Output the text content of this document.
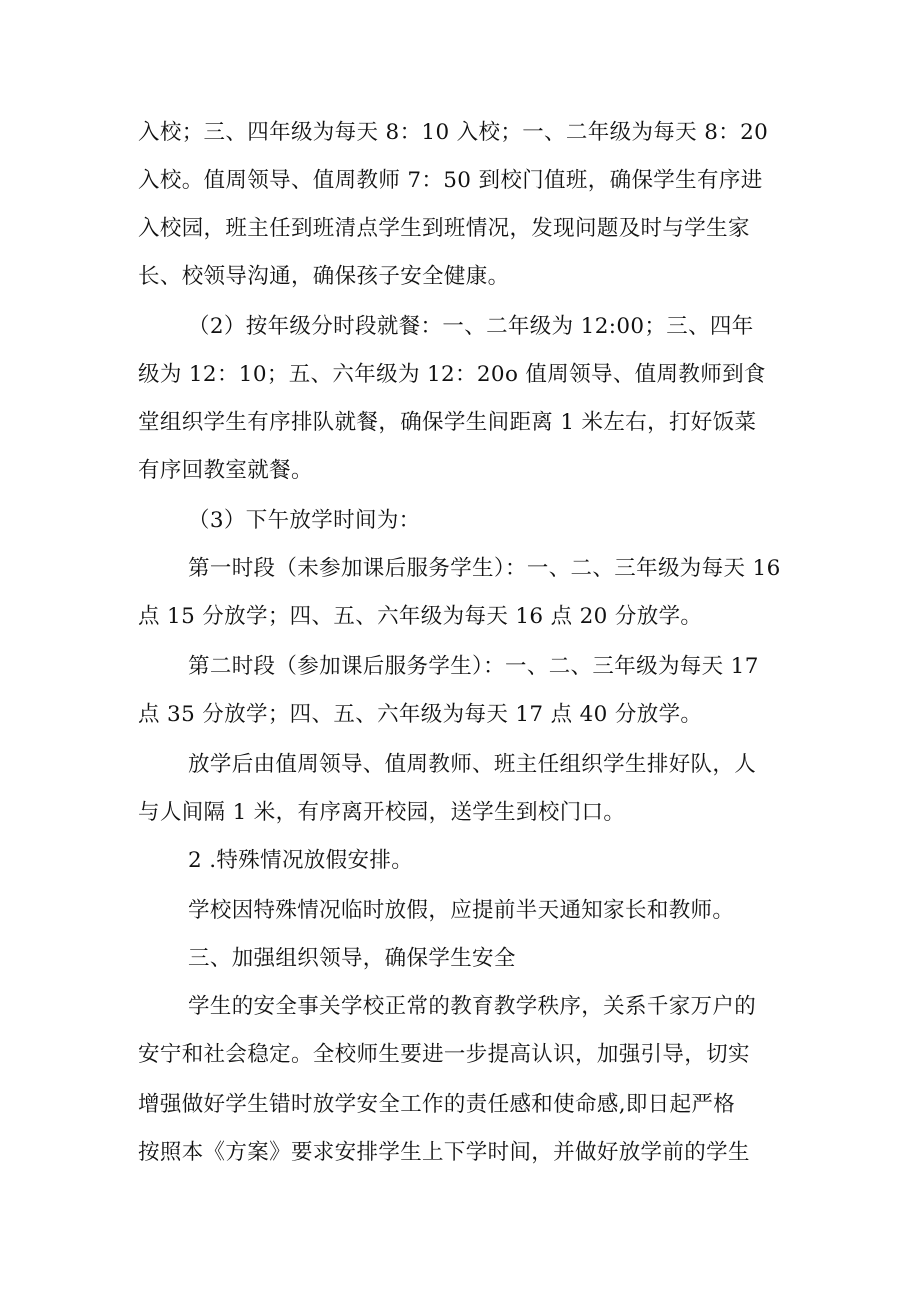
入校；三、四年级为每天 8：10 入校；一、二年级为每天 8：20
入校。值周领导、值周教师 7：50 到校门值班，确保学生有序进
入校园，班主任到班清点学生到班情况，发现问题及时与学生家
长、校领导沟通，确保孩子安全健康。
（2）按年级分时段就餐：一、二年级为 12:00；三、四年
级为 12：10；五、六年级为 12：20o 值周领导、值周教师到食
堂组织学生有序排队就餐，确保学生间距离 1 米左右，打好饭菜
有序回教室就餐。
（3）下午放学时间为：
第一时段（未参加课后服务学生）：一、二、三年级为每天 16
点 15 分放学；四、五、六年级为每天 16 点 20 分放学。
第二时段（参加课后服务学生）：一、二、三年级为每天 17
点 35 分放学；四、五、六年级为每天 17 点 40 分放学。
放学后由值周领导、值周教师、班主任组织学生排好队，人
与人间隔 1 米，有序离开校园，送学生到校门口。
2 .特殊情况放假安排。
学校因特殊情况临时放假，应提前半天通知家长和教师。
三、加强组织领导，确保学生安全
学生的安全事关学校正常的教育教学秩序，关系千家万户的
安宁和社会稳定。全校师生要进一步提高认识，加强引导，切实
增强做好学生错时放学安全工作的责任感和使命感,即日起严格
按照本《方案》要求安排学生上下学时间，并做好放学前的学生
